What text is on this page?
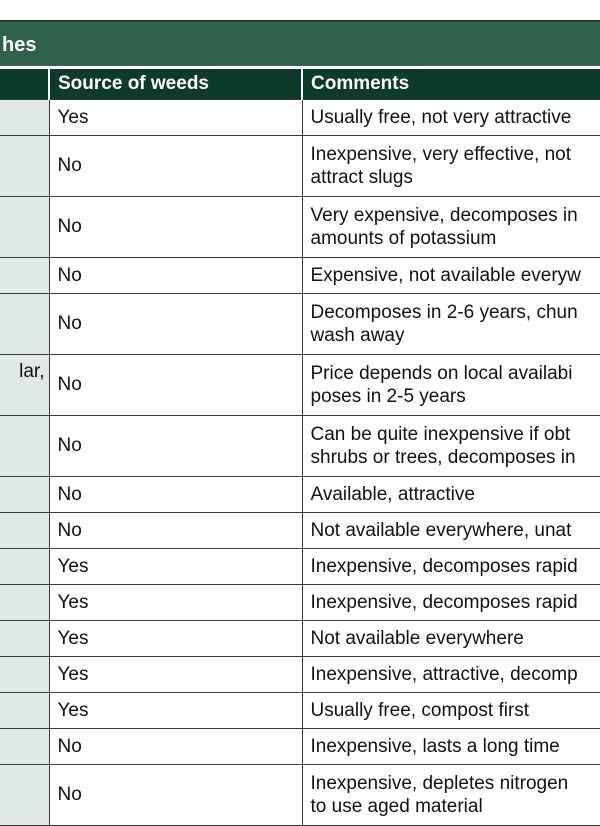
hes
	Source of weeds	Comments
	Yes	Usually free, not very attractive

	No	Inexpensive, very effective, not
attract slugs

	No	Very expensive, decomposes in
amounts of potassium

	No	Expensive, not available everyw

	No	Decomposes in 2-6 years, chun
wash away

lar,	No	Price depends on local availabi
poses in 2-5 years

	No	Can be quite inexpensive if obt
shrubs or trees, decomposes in

	No	Available, attractive

	No	Not available everywhere, unat

	Yes	Inexpensive, decomposes rapid

	Yes	Inexpensive, decomposes rapid

	Yes	Not available everywhere

	Yes	Inexpensive, attractive, decomp

	Yes	Usually free, compost first

	No	Inexpensive, lasts a long time

	No	Inexpensive, depletes nitrogen
to use aged material
